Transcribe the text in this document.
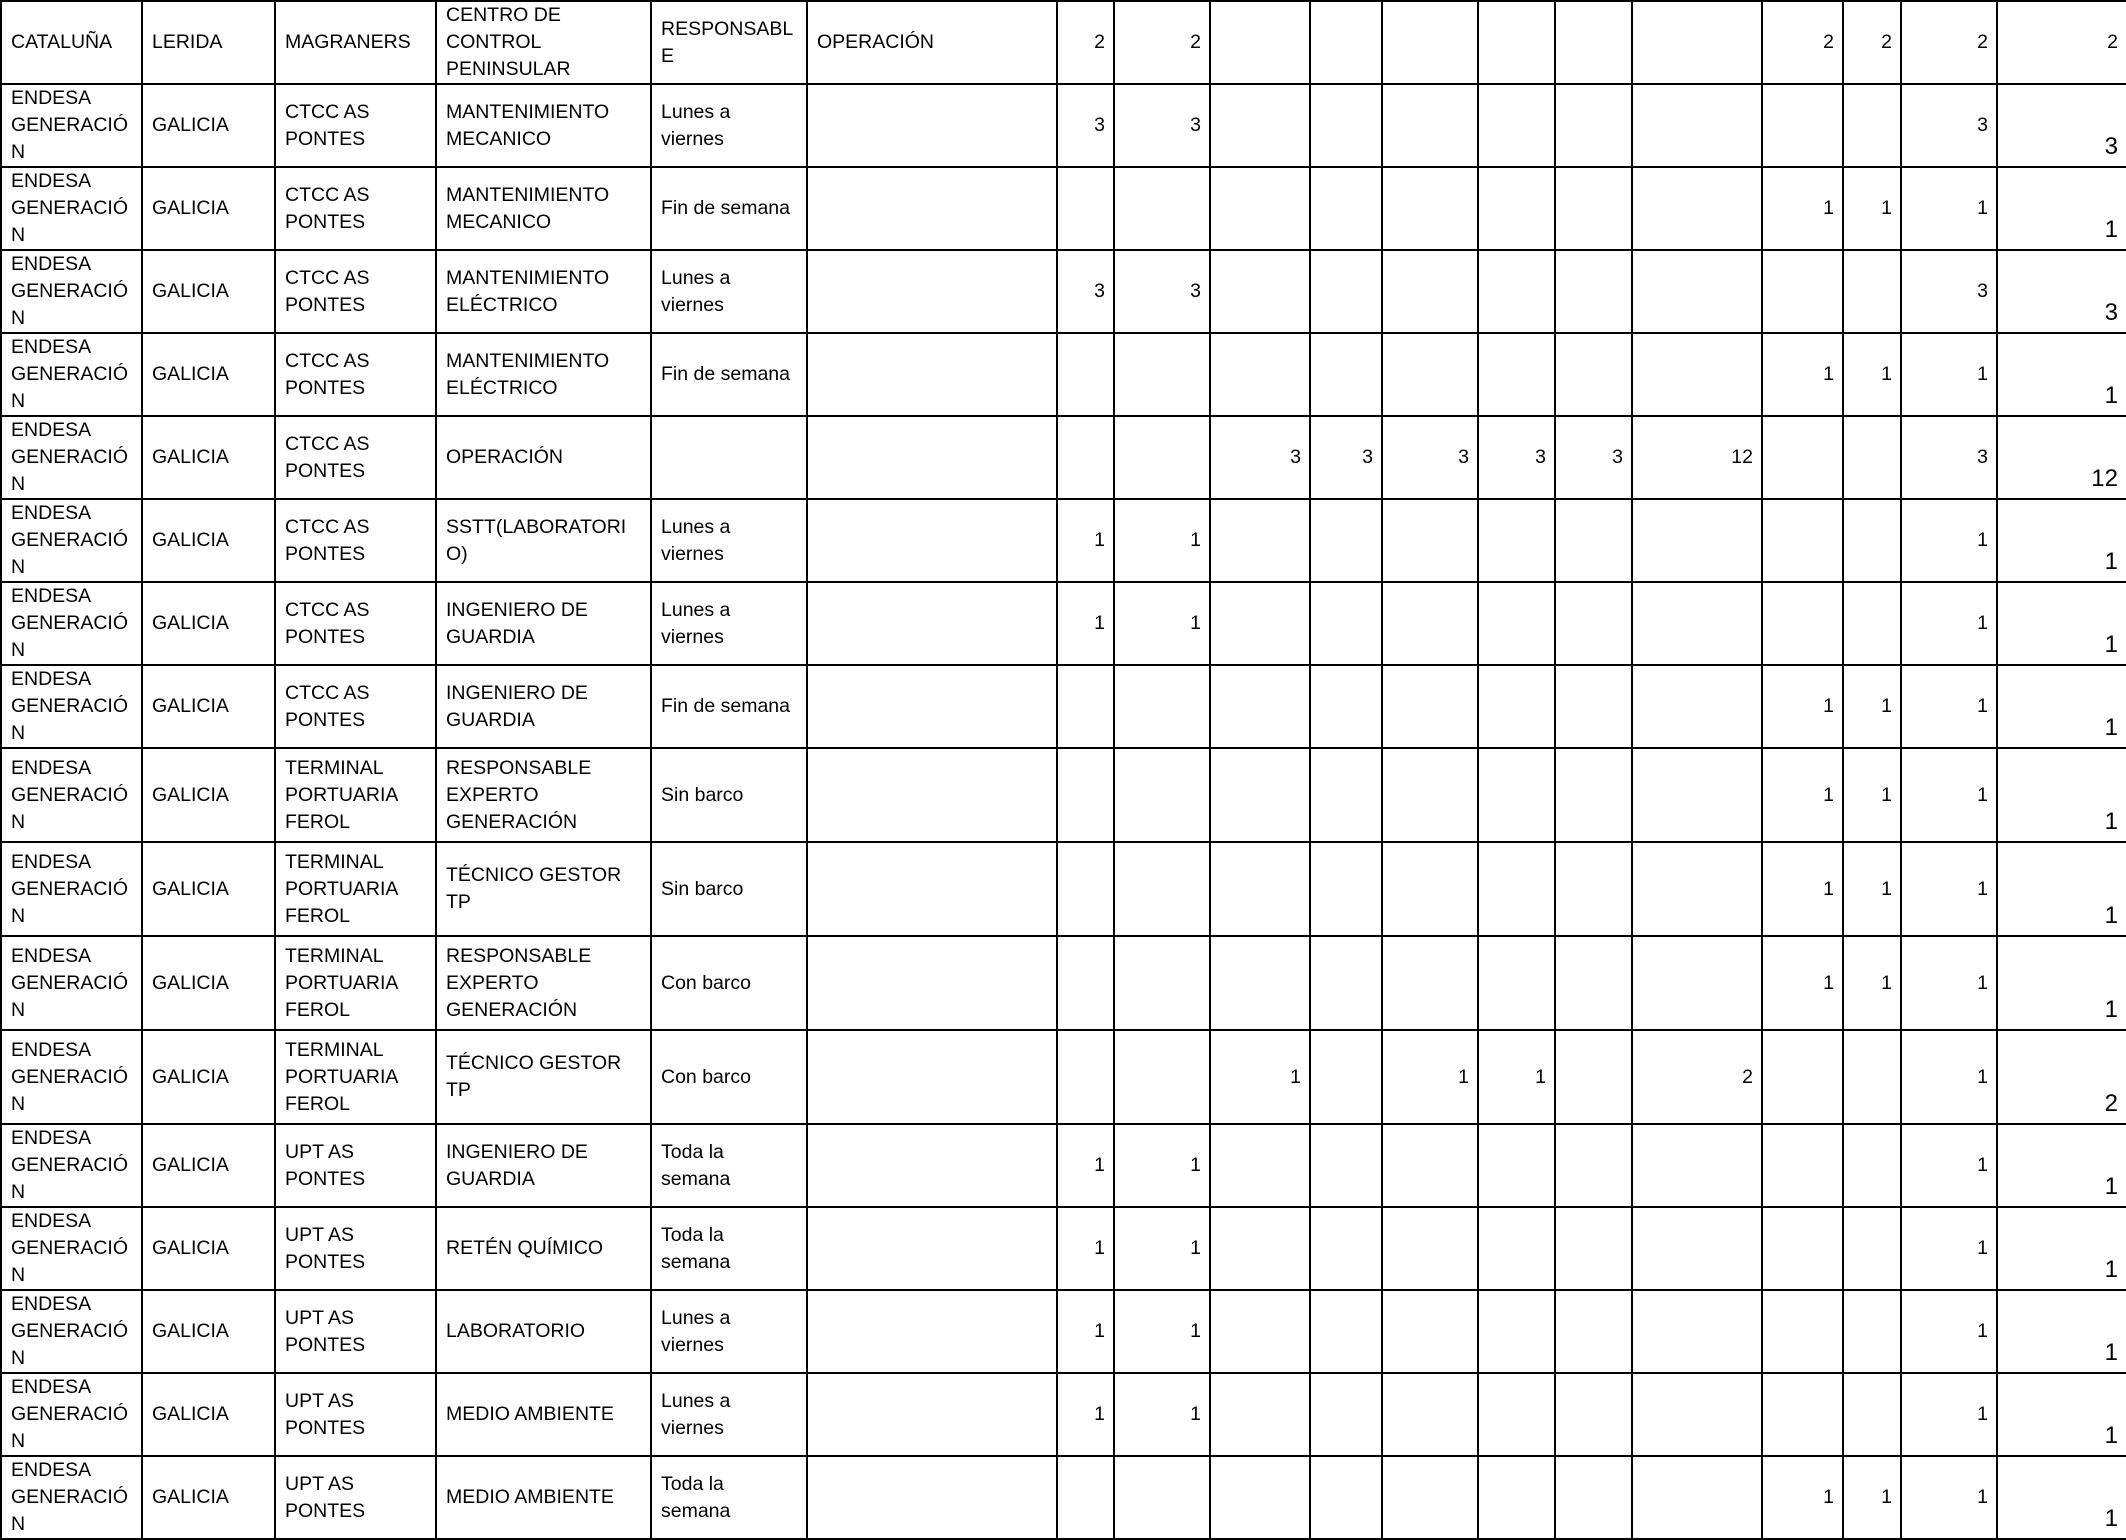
CATALUÑA	LERIDA	MAGRANERS	CENTRO DE CONTROL PENINSULAR	RESPONSABLE	OPERACIÓN	2	2							2	2	2	2
ENDESA GENERACIÓN	GALICIA	CTCC AS PONTES	MANTENIMIENTO MECANICO	Lunes a viernes		3	3									3	3
ENDESA GENERACIÓN	GALICIA	CTCC AS PONTES	MANTENIMIENTO MECANICO	Fin de semana										1	1	1	1
ENDESA GENERACIÓN	GALICIA	CTCC AS PONTES	MANTENIMIENTO ELÉCTRICO	Lunes a viernes		3	3									3	3
ENDESA GENERACIÓN	GALICIA	CTCC AS PONTES	MANTENIMIENTO ELÉCTRICO	Fin de semana										1	1	1	1
ENDESA GENERACIÓN	GALICIA	CTCC AS PONTES	OPERACIÓN					3	3	3	3	3	12			3	12
ENDESA GENERACIÓN	GALICIA	CTCC AS PONTES	SSTT(LABORATORIO)	Lunes a viernes		1	1									1	1
ENDESA GENERACIÓN	GALICIA	CTCC AS PONTES	INGENIERO DE GUARDIA	Lunes a viernes		1	1									1	1
ENDESA GENERACIÓN	GALICIA	CTCC AS PONTES	INGENIERO DE GUARDIA	Fin de semana										1	1	1	1
ENDESA GENERACIÓN	GALICIA	TERMINAL PORTUARIA FEROL	RESPONSABLE EXPERTO GENERACIÓN	Sin barco										1	1	1	1
ENDESA GENERACIÓN	GALICIA	TERMINAL PORTUARIA FEROL	TÉCNICO GESTOR TP	Sin barco										1	1	1	1
ENDESA GENERACIÓN	GALICIA	TERMINAL PORTUARIA FEROL	RESPONSABLE EXPERTO GENERACIÓN	Con barco										1	1	1	1
ENDESA GENERACIÓN	GALICIA	TERMINAL PORTUARIA FEROL	TÉCNICO GESTOR TP	Con barco				1		1	1		2			1	2
ENDESA GENERACIÓN	GALICIA	UPT AS PONTES	INGENIERO DE GUARDIA	Toda la semana		1	1									1	1
ENDESA GENERACIÓN	GALICIA	UPT AS PONTES	RETÉN QUÍMICO	Toda la semana		1	1									1	1
ENDESA GENERACIÓN	GALICIA	UPT AS PONTES	LABORATORIO	Lunes a viernes		1	1									1	1
ENDESA GENERACIÓN	GALICIA	UPT AS PONTES	MEDIO AMBIENTE	Lunes a viernes		1	1									1	1
ENDESA GENERACIÓN	GALICIA	UPT AS PONTES	MEDIO AMBIENTE	Toda la semana										1	1	1	1
